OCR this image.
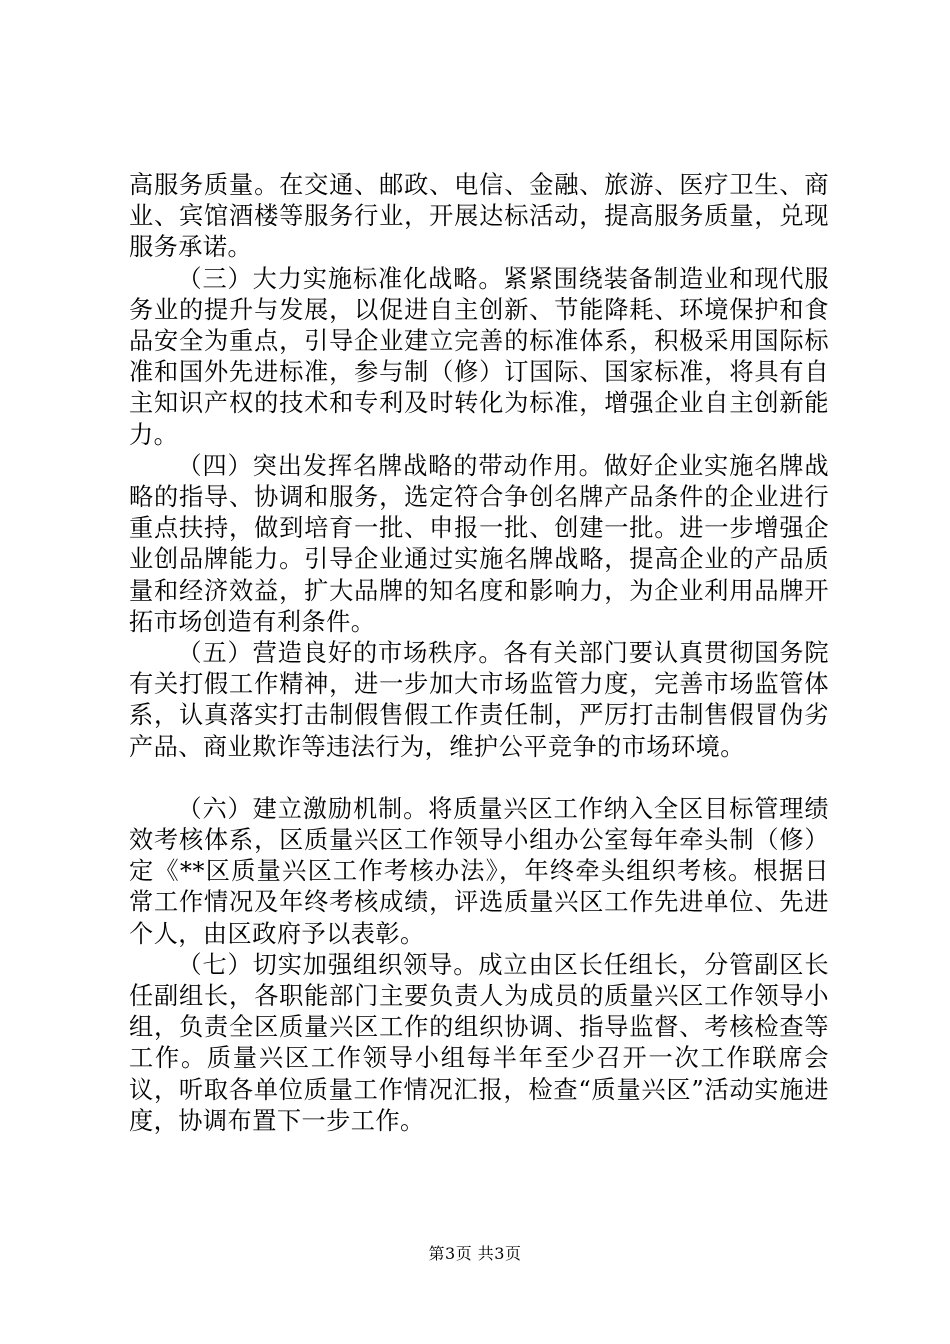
高服务质量。在交通、邮政、电信、金融、旅游、医疗卫生、商业、宾馆酒楼等服务行业，开展达标活动，提高服务质量，兑现服务承诺。

（三）大力实施标准化战略。紧紧围绕装备制造业和现代服务业的提升与发展，以促进自主创新、节能降耗、环境保护和食品安全为重点，引导企业建立完善的标准体系，积极采用国际标准和国外先进标准，参与制（修）订国际、国家标准，将具有自主知识产权的技术和专利及时转化为标准，增强企业自主创新能力。

（四）突出发挥名牌战略的带动作用。做好企业实施名牌战略的指导、协调和服务，选定符合争创名牌产品条件的企业进行重点扶持，做到培育一批、申报一批、创建一批。进一步增强企业创品牌能力。引导企业通过实施名牌战略，提高企业的产品质量和经济效益，扩大品牌的知名度和影响力，为企业利用品牌开拓市场创造有利条件。

（五）营造良好的市场秩序。各有关部门要认真贯彻国务院有关打假工作精神，进一步加大市场监管力度，完善市场监管体系，认真落实打击制假售假工作责任制，严厉打击制售假冒伪劣产品、商业欺诈等违法行为，维护公平竞争的市场环境。

（六）建立激励机制。将质量兴区工作纳入全区目标管理绩效考核体系，区质量兴区工作领导小组办公室每年牵头制（修）定《**区质量兴区工作考核办法》，年终牵头组织考核。根据日常工作情况及年终考核成绩，评选质量兴区工作先进单位、先进个人，由区政府予以表彰。

（七）切实加强组织领导。成立由区长任组长，分管副区长任副组长，各职能部门主要负责人为成员的质量兴区工作领导小组，负责全区质量兴区工作的组织协调、指导监督、考核检查等工作。质量兴区工作领导小组每半年至少召开一次工作联席会议，听取各单位质量工作情况汇报，检查“质量兴区”活动实施进度，协调布置下一步工作。

第3页 共3页
